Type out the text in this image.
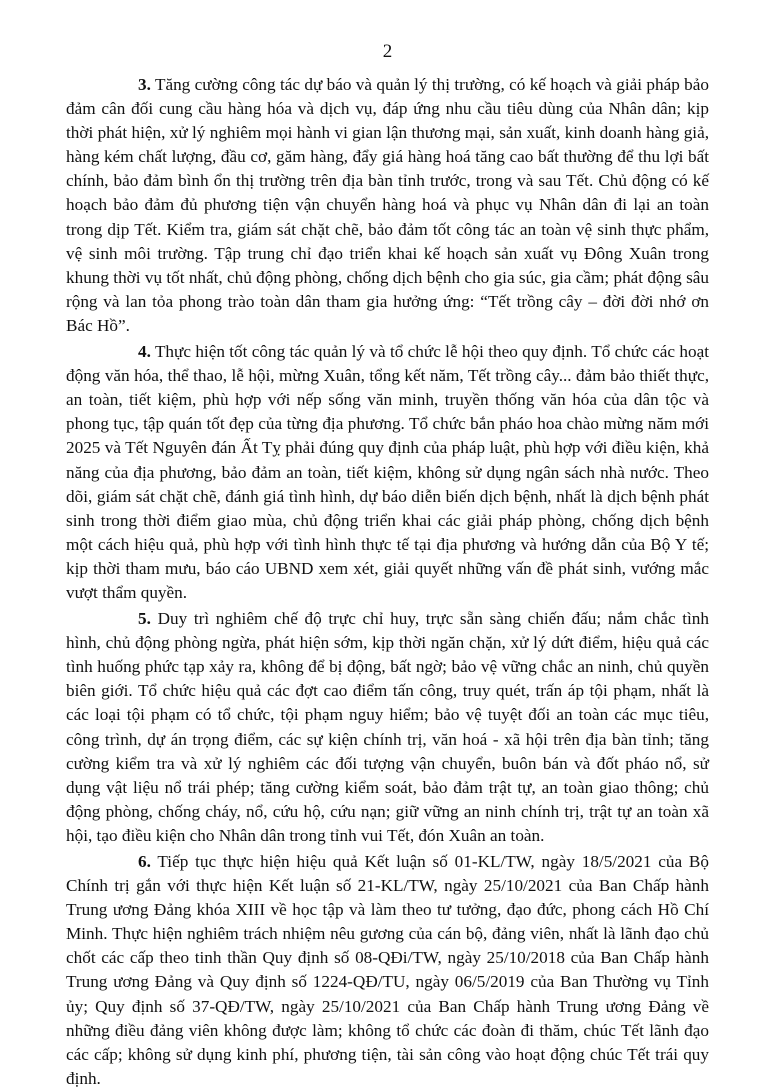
2

3. Tăng cường công tác dự báo và quản lý thị trường, có kế hoạch và giải pháp bảo đảm cân đối cung cầu hàng hóa và dịch vụ, đáp ứng nhu cầu tiêu dùng của Nhân dân; kịp thời phát hiện, xử lý nghiêm mọi hành vi gian lận thương mại, sản xuất, kinh doanh hàng giả, hàng kém chất lượng, đầu cơ, găm hàng, đẩy giá hàng hoá tăng cao bất thường để thu lợi bất chính, bảo đảm bình ổn thị trường trên địa bàn tỉnh trước, trong và sau Tết. Chủ động có kế hoạch bảo đảm đủ phương tiện vận chuyển hàng hoá và phục vụ Nhân dân đi lại an toàn trong dịp Tết. Kiểm tra, giám sát chặt chẽ, bảo đảm tốt công tác an toàn vệ sinh thực phẩm, vệ sinh môi trường. Tập trung chỉ đạo triển khai kế hoạch sản xuất vụ Đông Xuân trong khung thời vụ tốt nhất, chủ động phòng, chống dịch bệnh cho gia súc, gia cầm; phát động sâu rộng và lan tỏa phong trào toàn dân tham gia hưởng ứng: “Tết trồng cây – đời đời nhớ ơn Bác Hồ”.

4. Thực hiện tốt công tác quản lý và tổ chức lễ hội theo quy định. Tổ chức các hoạt động văn hóa, thể thao, lễ hội, mừng Xuân, tổng kết năm, Tết trồng cây... đảm bảo thiết thực, an toàn, tiết kiệm, phù hợp với nếp sống văn minh, truyền thống văn hóa của dân tộc và phong tục, tập quán tốt đẹp của từng địa phương. Tổ chức bắn pháo hoa chào mừng năm mới 2025 và Tết Nguyên đán Ất Tỵ phải đúng quy định của pháp luật, phù hợp với điều kiện, khả năng của địa phương, bảo đảm an toàn, tiết kiệm, không sử dụng ngân sách nhà nước. Theo dõi, giám sát chặt chẽ, đánh giá tình hình, dự báo diễn biến dịch bệnh, nhất là dịch bệnh phát sinh trong thời điểm giao mùa, chủ động triển khai các giải pháp phòng, chống dịch bệnh một cách hiệu quả, phù hợp với tình hình thực tế tại địa phương và hướng dẫn của Bộ Y tế; kịp thời tham mưu, báo cáo UBND xem xét, giải quyết những vấn đề phát sinh, vướng mắc vượt thẩm quyền.

5. Duy trì nghiêm chế độ trực chỉ huy, trực sẵn sàng chiến đấu; nắm chắc tình hình, chủ động phòng ngừa, phát hiện sớm, kịp thời ngăn chặn, xử lý dứt điểm, hiệu quả các tình huống phức tạp xảy ra, không để bị động, bất ngờ; bảo vệ vững chắc an ninh, chủ quyền biên giới. Tổ chức hiệu quả các đợt cao điểm tấn công, truy quét, trấn áp tội phạm, nhất là các loại tội phạm có tổ chức, tội phạm nguy hiểm; bảo vệ tuyệt đối an toàn các mục tiêu, công trình, dự án trọng điểm, các sự kiện chính trị, văn hoá - xã hội trên địa bàn tỉnh; tăng cường kiểm tra và xử lý nghiêm các đối tượng vận chuyển, buôn bán và đốt pháo nổ, sử dụng vật liệu nổ trái phép; tăng cường kiểm soát, bảo đảm trật tự, an toàn giao thông; chủ động phòng, chống cháy, nổ, cứu hộ, cứu nạn; giữ vững an ninh chính trị, trật tự an toàn xã hội, tạo điều kiện cho Nhân dân trong tỉnh vui Tết, đón Xuân an toàn.

6. Tiếp tục thực hiện hiệu quả Kết luận số 01-KL/TW, ngày 18/5/2021 của Bộ Chính trị gắn với thực hiện Kết luận số 21-KL/TW, ngày 25/10/2021 của Ban Chấp hành Trung ương Đảng khóa XIII về học tập và làm theo tư tưởng, đạo đức, phong cách Hồ Chí Minh. Thực hiện nghiêm trách nhiệm nêu gương của cán bộ, đảng viên, nhất là lãnh đạo chủ chốt các cấp theo tinh thần Quy định số 08-QĐi/TW, ngày 25/10/2018 của Ban Chấp hành Trung ương Đảng và Quy định số 1224-QĐ/TU, ngày 06/5/2019 của Ban Thường vụ Tỉnh ủy; Quy định số 37-QĐ/TW, ngày 25/10/2021 của Ban Chấp hành Trung ương Đảng về những điều đảng viên không được làm; không tổ chức các đoàn đi thăm, chúc Tết lãnh đạo các cấp; không sử dụng kinh phí, phương tiện, tài sản công vào hoạt động chúc Tết trái quy định.
